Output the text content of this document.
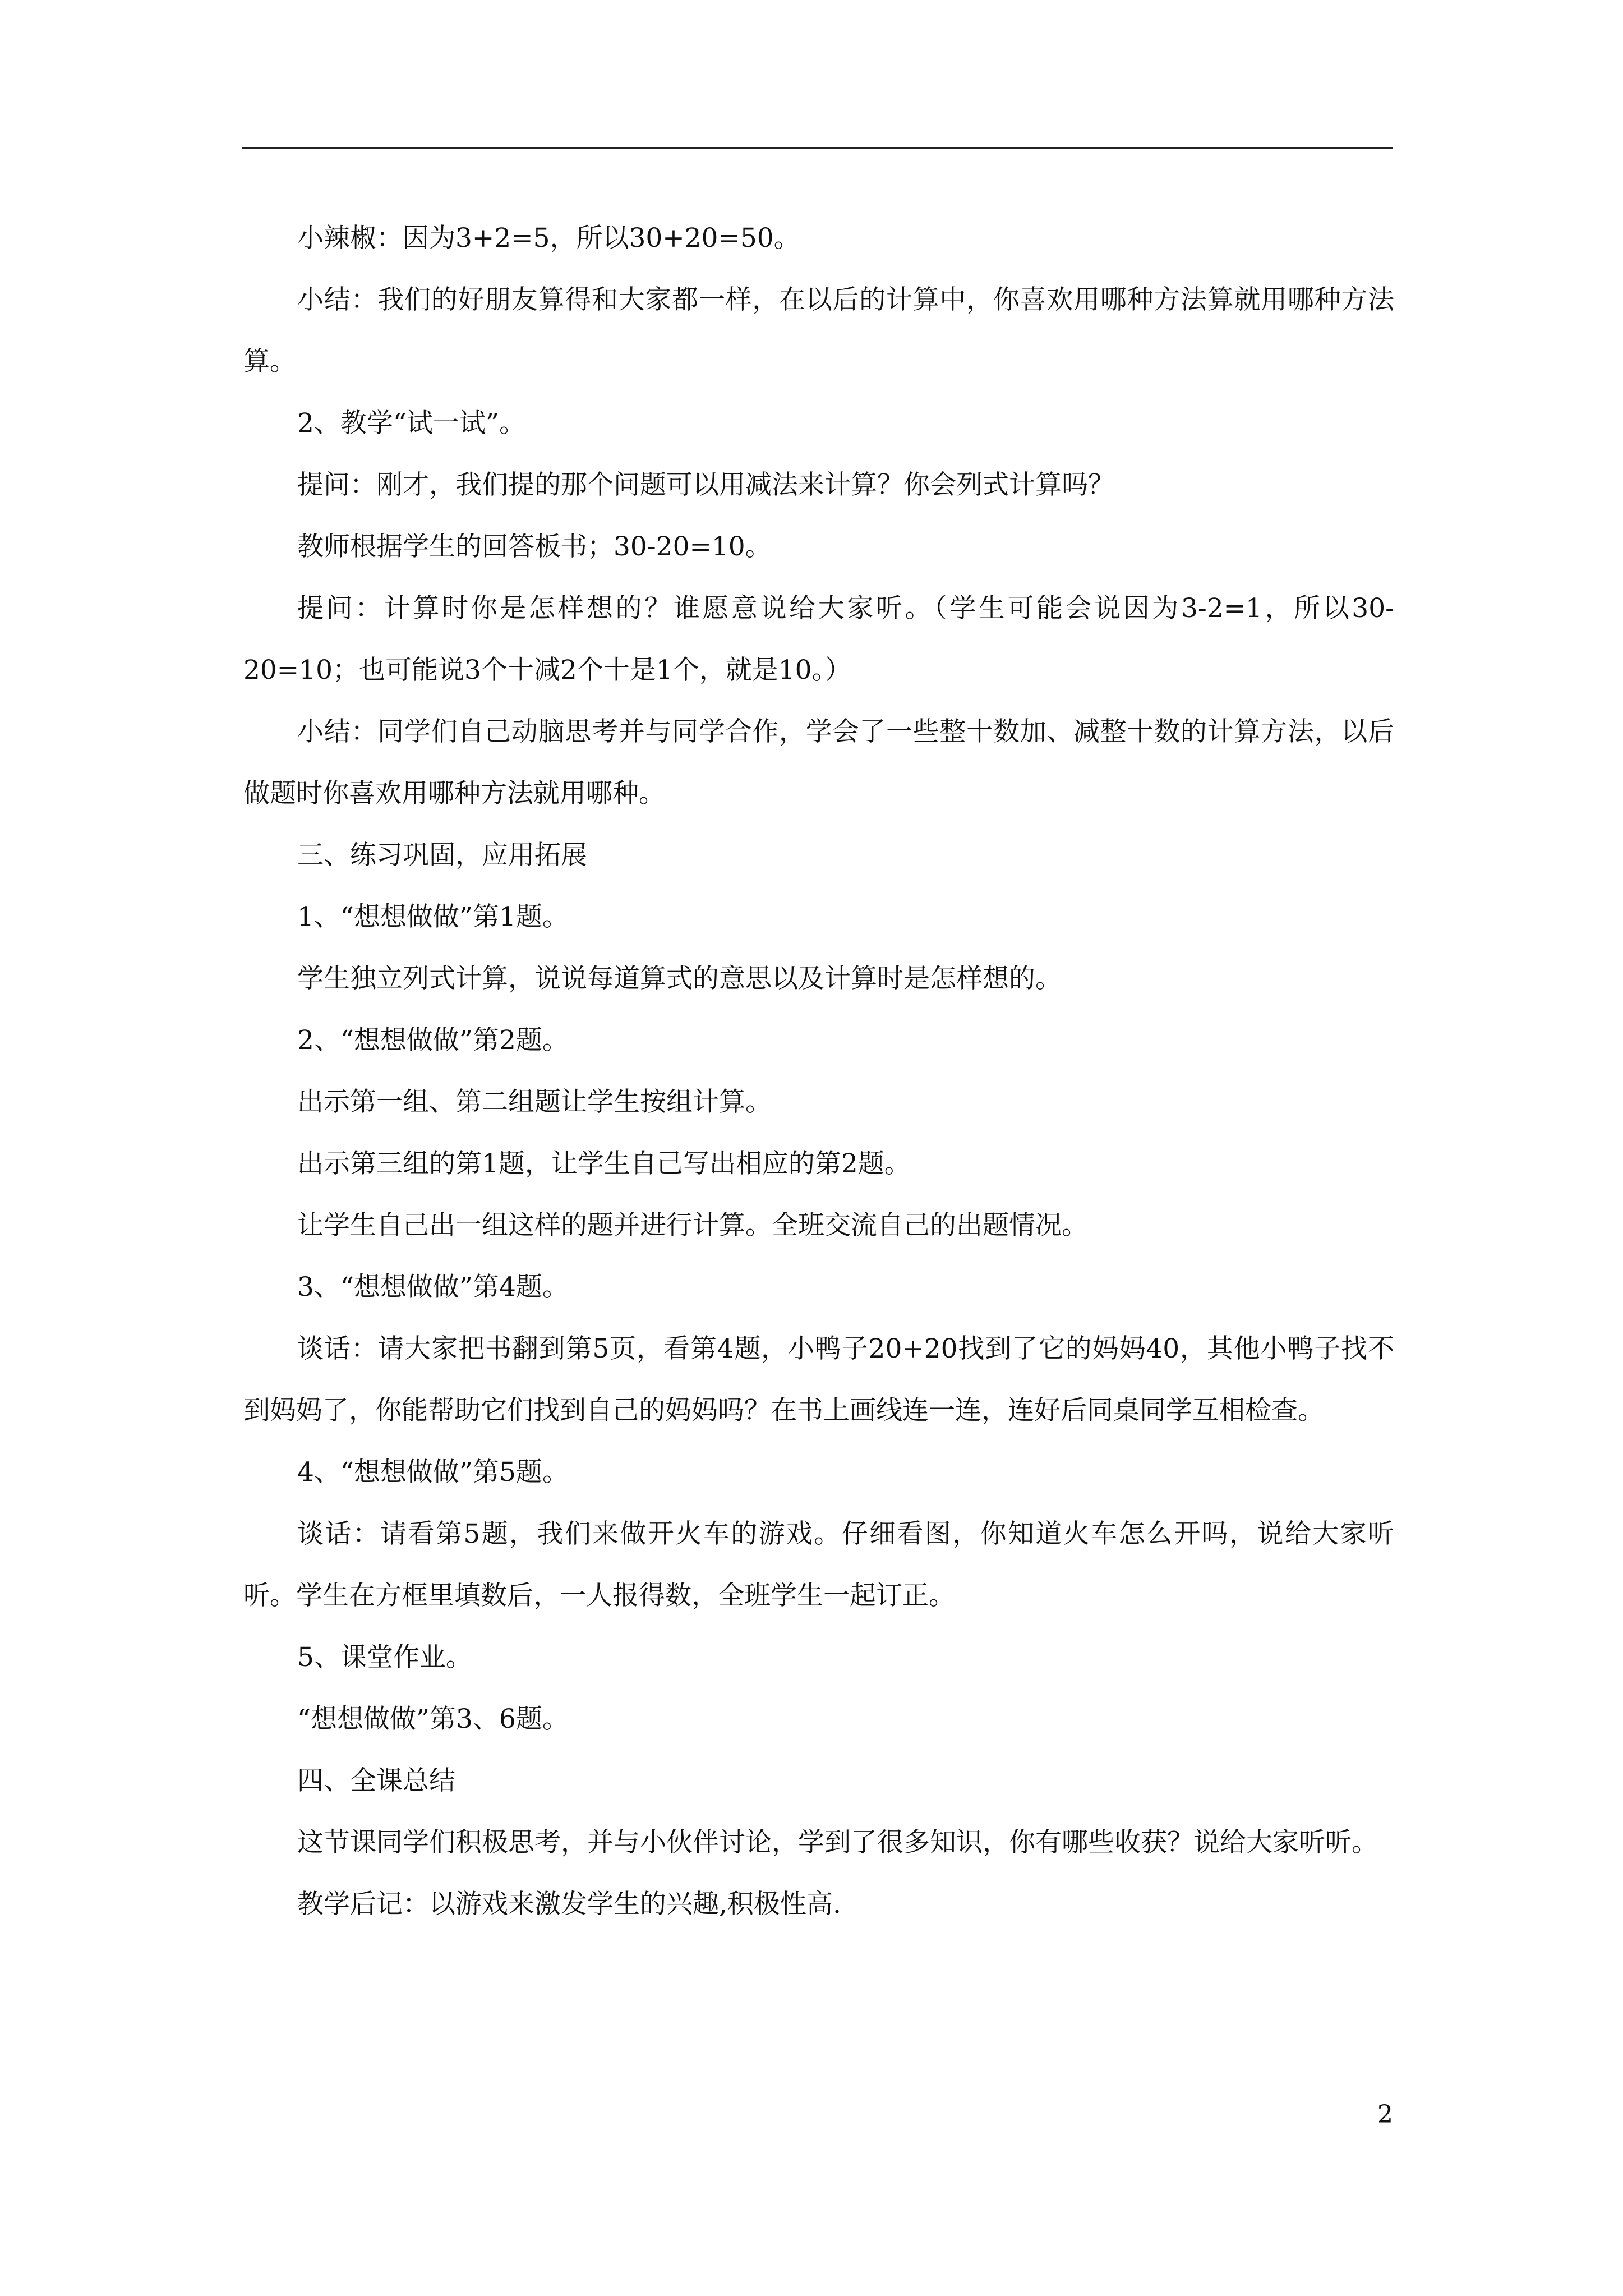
小辣椒：因为3+2=5，所以30+20=50。

小结：我们的好朋友算得和大家都一样，在以后的计算中，你喜欢用哪种方法算就用哪种方法算。

2、教学“试一试”。

提问：刚才，我们提的那个问题可以用减法来计算？你会列式计算吗？

教师根据学生的回答板书；30-20=10。

提问：计算时你是怎样想的？谁愿意说给大家听。（学生可能会说因为3-2=1，所以30-20=10；也可能说3个十减2个十是1个，就是10。）

小结：同学们自己动脑思考并与同学合作，学会了一些整十数加、减整十数的计算方法，以后做题时你喜欢用哪种方法就用哪种。

三、练习巩固，应用拓展

1、“想想做做”第1题。

学生独立列式计算，说说每道算式的意思以及计算时是怎样想的。

2、“想想做做”第2题。

出示第一组、第二组题让学生按组计算。

出示第三组的第1题，让学生自己写出相应的第2题。

让学生自己出一组这样的题并进行计算。全班交流自己的出题情况。

3、“想想做做”第4题。

谈话：请大家把书翻到第5页，看第4题，小鸭子20+20找到了它的妈妈40，其他小鸭子找不到妈妈了，你能帮助它们找到自己的妈妈吗？在书上画线连一连，连好后同桌同学互相检查。

4、“想想做做”第5题。

谈话：请看第5题，我们来做开火车的游戏。仔细看图，你知道火车怎么开吗，说给大家听听。学生在方框里填数后，一人报得数，全班学生一起订正。

5、课堂作业。

“想想做做”第3、6题。

四、全课总结

这节课同学们积极思考，并与小伙伴讨论，学到了很多知识，你有哪些收获？说给大家听听。

教学后记：以游戏来激发学生的兴趣,积极性高.

2
